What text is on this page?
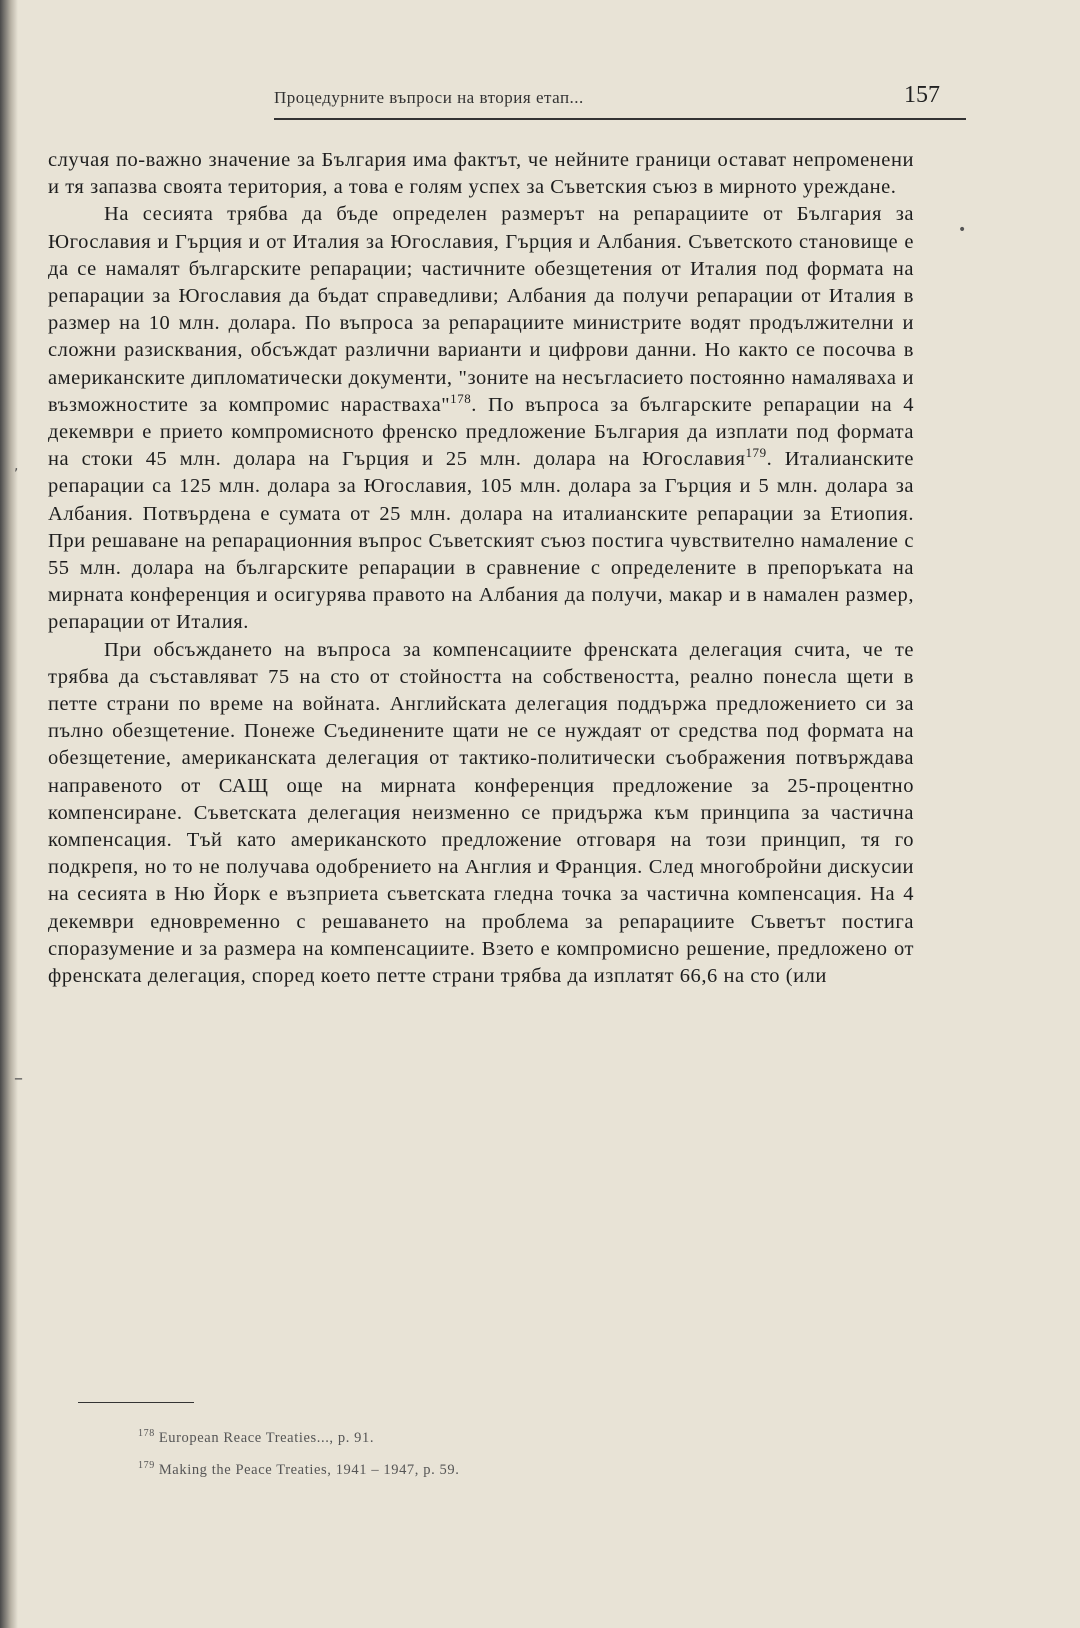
Процедурните въпроси на втория етап...	157

случая по-важно значение за България има фактът, че нейните граници остават непроменени и тя запазва своята територия, а това е голям успех за Съветския съюз в мирното уреждане.

На сесията трябва да бъде определен размерът на репарациите от България за Югославия и Гърция и от Италия за Югославия, Гърция и Албания. Съветското становище е да се намалят българските репарации; частичните обезщетения от Италия под формата на репарации за Югославия да бъдат справедливи; Албания да получи репарации от Италия в размер на 10 млн. долара. По въпроса за репарациите министрите водят продължителни и сложни разисквания, обсъждат различни варианти и цифрови данни. Но както се посочва в американските дипломатически документи, "зоните на несъгласието постоянно намаляваха и възможностите за компромис нарастваха"$^{178}$. По въпроса за българските репарации на 4 декември е прието компромисното френско предложение България да изплати под формата на стоки 45 млн. долара на Гърция и 25 млн. долара на Югославия$^{179}$. Италианските репарации са 125 млн. долара за Югославия, 105 млн. долара за Гърция и 5 млн. долара за Албания. Потвърдена е сумата от 25 млн. долара на италианските репарации за Етиопия. При решаване на репарационния въпрос Съветският съюз постига чувствително намаление с 55 млн. долара на българските репарации в сравнение с определените в препоръката на мирната конференция и осигурява правото на Албания да получи, макар и в намален размер, репарации от Италия.

При обсъждането на въпроса за компенсациите френската делегация счита, че те трябва да съставляват 75 на сто от стойността на собствеността, реално понесла щети в петте страни по време на войната. Английската делегация поддържа предложението си за пълно обезщетение. Понеже Съединените щати не се нуждаят от средства под формата на обезщетение, американската делегация от тактико-политически съображения потвърждава направеното от САЩ още на мирната конференция предложение за 25-процентно компенсиране. Съветската делегация неизменно се придържа към принципа за частична компенсация. Тъй като американското предложение отговаря на този принцип, тя го подкрепя, но то не получава одобрението на Англия и Франция. След многобройни дискусии на сесията в Ню Йорк е възприета съветската гледна точка за частична компенсация. На 4 декември едновременно с решаването на проблема за репарациите Съветът постига споразумение и за размера на компенсациите. Взето е компромисно решение, предложено от френската делегация, според което петте страни трябва да изплатят 66,6 на сто (или

$^{178}$ European Reace Treaties..., p. 91.
$^{179}$ Making the Peace Treaties, 1941 – 1947, p. 59.
•
,
–
